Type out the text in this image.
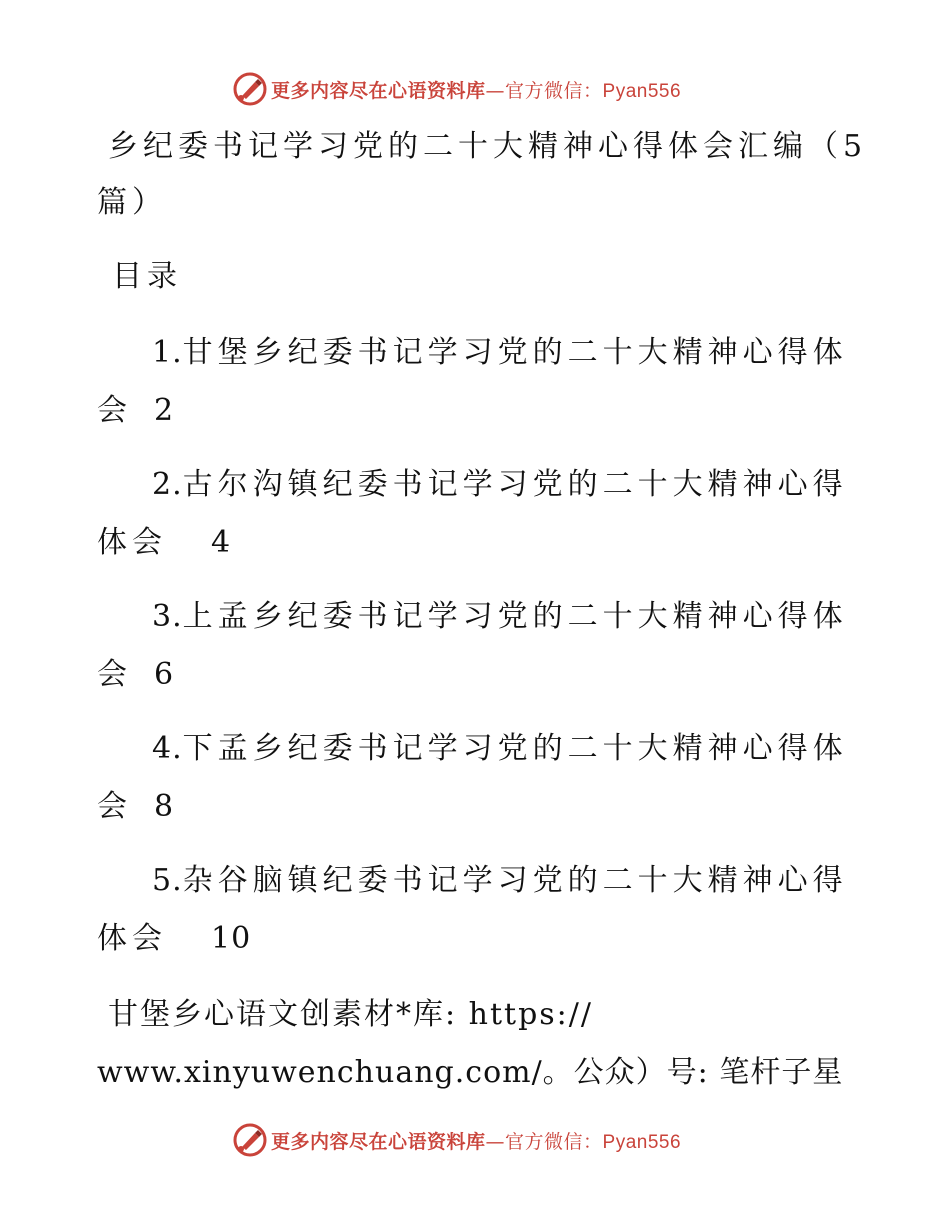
更多内容尽在心语资料库—官方微信：Pyan556
乡纪委书记学习党的二十大精神心得体会汇编（5
篇）
目录
1.甘堡乡纪委书记学习党的二十大精神心得体
会 2
2.古尔沟镇纪委书记学习党的二十大精神心得
体会 4
3.上孟乡纪委书记学习党的二十大精神心得体
会 6
4.下孟乡纪委书记学习党的二十大精神心得体
会 8
5.杂谷脑镇纪委书记学习党的二十大精神心得
体会 10
甘堡乡心语文创素材*库: https://
www.xinyuwenchuang.com/。公众）号: 笔杆子星
更多内容尽在心语资料库—官方微信：Pyan556
